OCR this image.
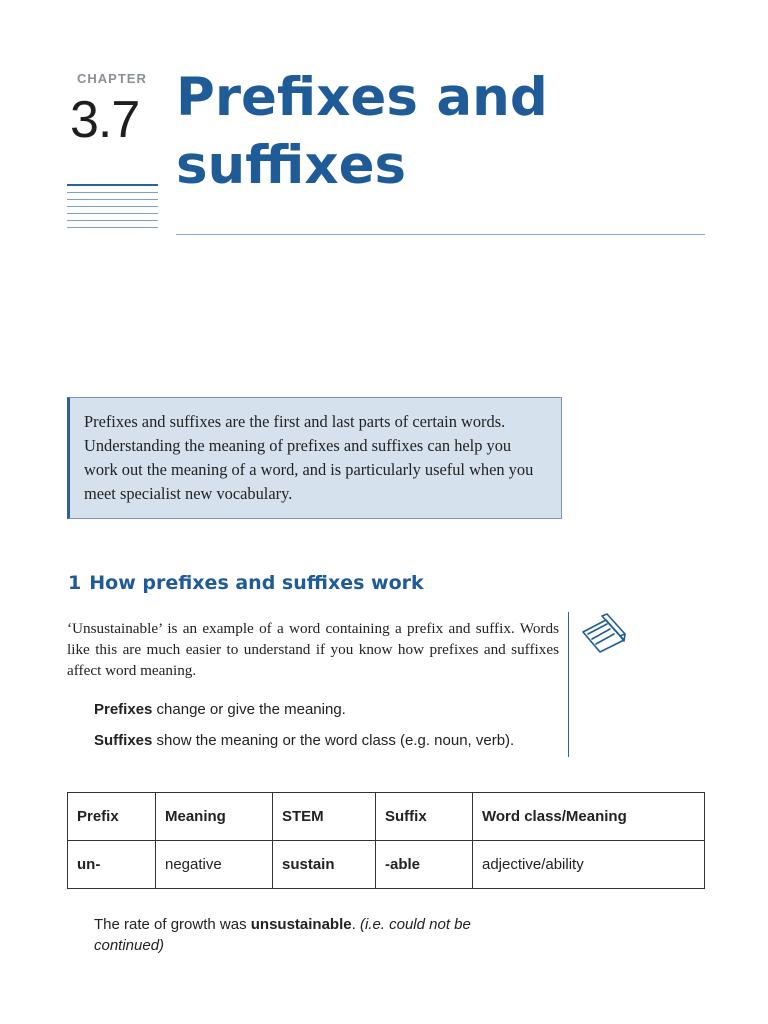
CHAPTER
3.7 Prefixes and
suffixes
Prefixes and suffixes are the first and last parts of certain words. Understanding the meaning of prefixes and suffixes can help you work out the meaning of a word, and is particularly useful when you meet specialist new vocabulary.
1 How prefixes and suffixes work

‘Unsustainable’ is an example of a word containing a prefix and suffix. Words like this are much easier to understand if you know how prefixes and suffixes affect word meaning.

Prefixes change or give the meaning.

Suffixes show the meaning or the word class (e.g. noun, verb).

Prefix	Meaning	STEM	Suffix	Word class/Meaning
un-	negative	sustain	-able	adjective/ability

The rate of growth was unsustainable. (i.e. could not be continued)
